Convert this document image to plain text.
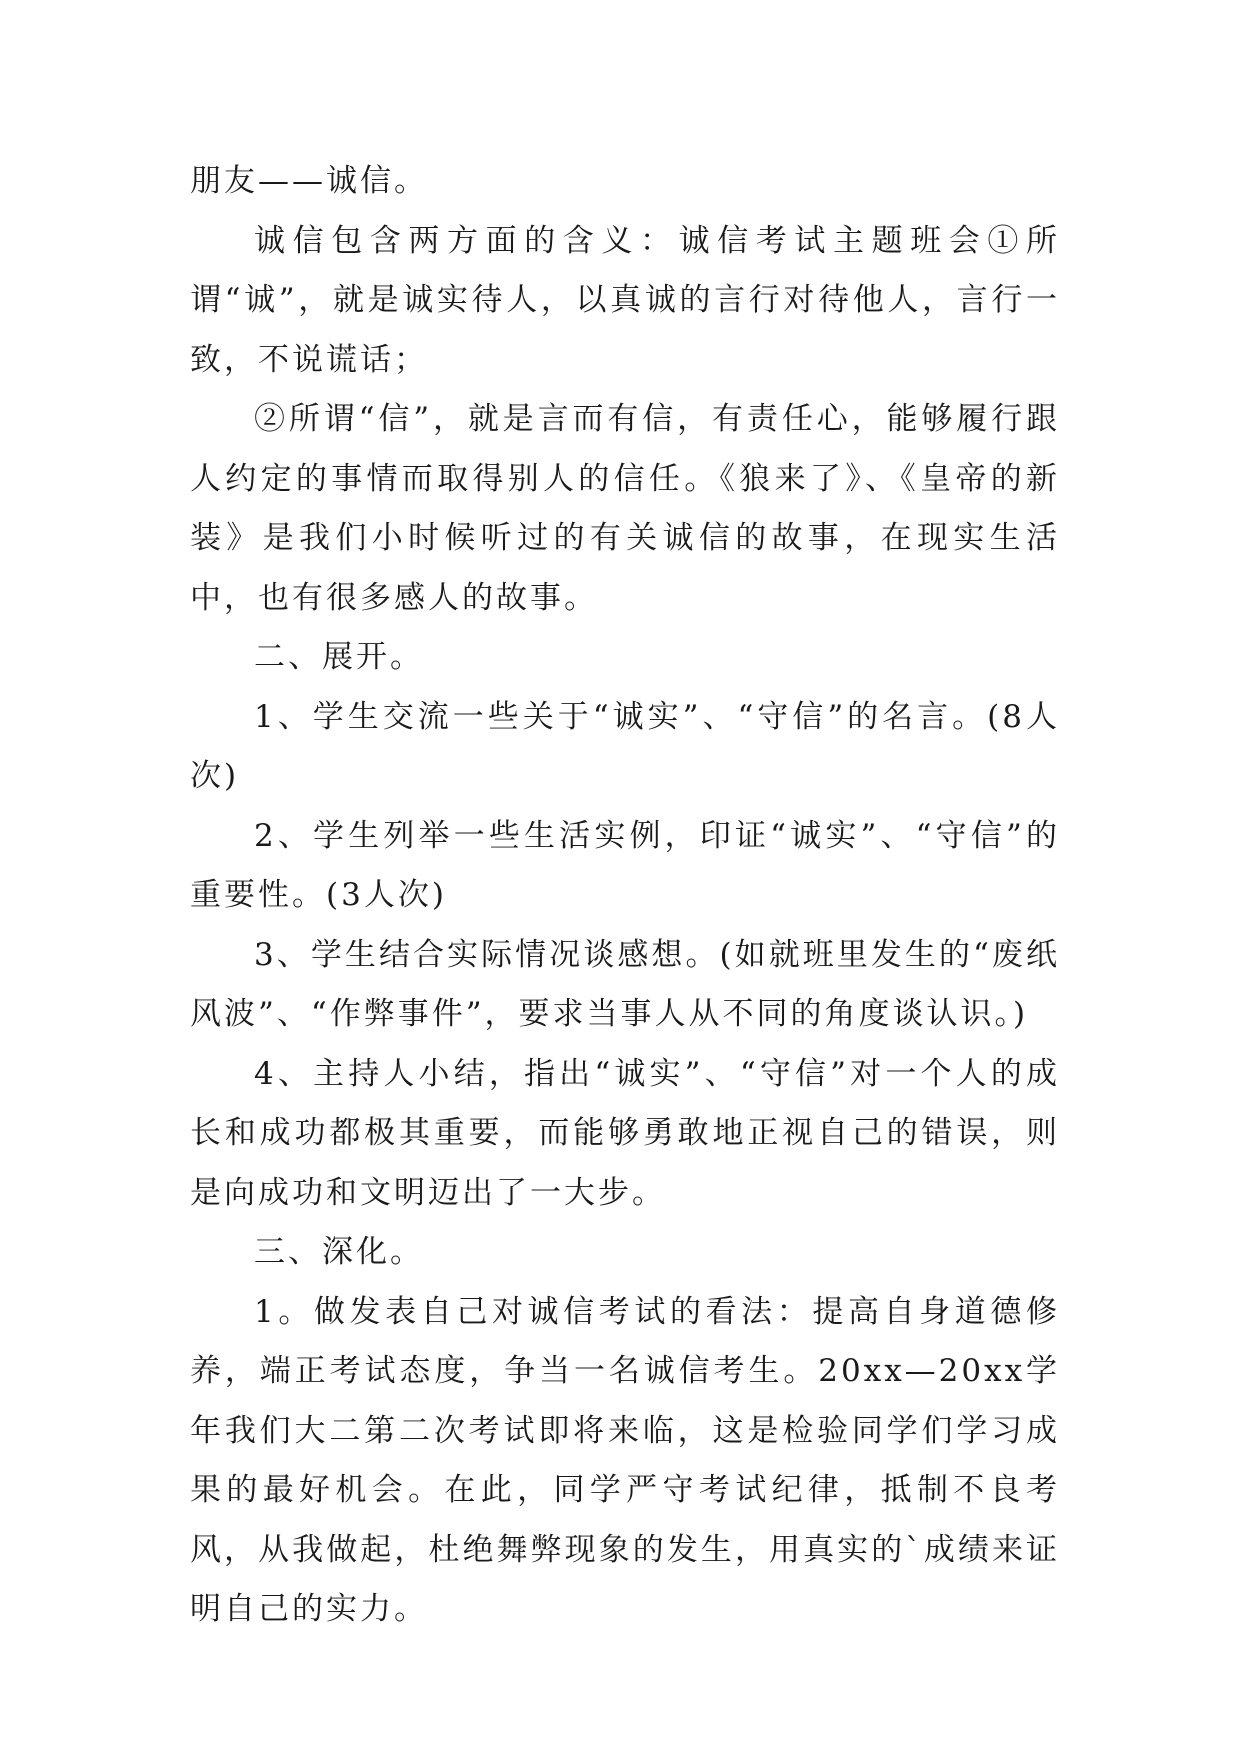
朋友——诚信。

诚信包含两方面的含义：诚信考试主题班会①所谓“诚”，就是诚实待人，以真诚的言行对待他人，言行一致，不说谎话；

②所谓“信”，就是言而有信，有责任心，能够履行跟人约定的事情而取得别人的信任。《狼来了》、《皇帝的新装》是我们小时候听过的有关诚信的故事，在现实生活中，也有很多感人的故事。

二、展开。

1、学生交流一些关于“诚实”、“守信”的名言。(8人次)

2、学生列举一些生活实例，印证“诚实”、“守信”的重要性。(3人次)

3、学生结合实际情况谈感想。(如就班里发生的“废纸风波”、“作弊事件”，要求当事人从不同的角度谈认识。)

4、主持人小结，指出“诚实”、“守信”对一个人的成长和成功都极其重要，而能够勇敢地正视自己的错误，则是向成功和文明迈出了一大步。

三、深化。

1。做发表自己对诚信考试的看法：提高自身道德修养，端正考试态度，争当一名诚信考生。20xx—20xx学年我们大二第二次考试即将来临，这是检验同学们学习成果的最好机会。在此，同学严守考试纪律，抵制不良考风，从我做起，杜绝舞弊现象的发生，用真实的`成绩来证明自己的实力。
